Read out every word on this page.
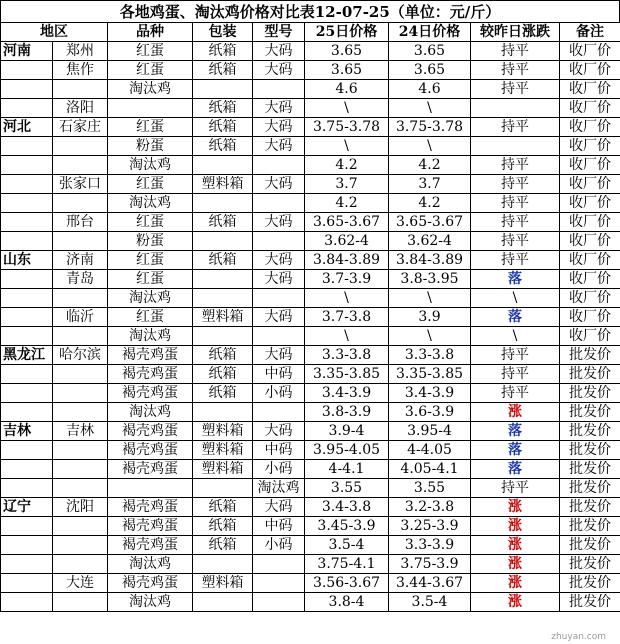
各地鸡蛋、淘汰鸡价格对比表12-07-25（单位：元/斤）
地区		品种	包装	型号	25日价格	24日价格	较昨日涨跌	备注
河南	郑州	红蛋	纸箱	大码	3.65	3.65	持平	收厂价
	焦作	红蛋	纸箱	大码	3.65	3.65	持平	收厂价
		淘汰鸡			4.6	4.6	持平	收厂价
	洛阳		纸箱	大码	\	\		收厂价
河北	石家庄	红蛋	纸箱	大码	3.75-3.78	3.75-3.78	持平	收厂价
		粉蛋	纸箱	大码	\	\		收厂价
		淘汰鸡			4.2	4.2	持平	收厂价
	张家口	红蛋	塑料箱	大码	3.7	3.7	持平	收厂价
		淘汰鸡			4.2	4.2	持平	收厂价
	邢台	红蛋	纸箱	大码	3.65-3.67	3.65-3.67	持平	收厂价
		粉蛋			3.62-4	3.62-4	持平	收厂价
山东	济南	红蛋	纸箱	大码	3.84-3.89	3.84-3.89	持平	收厂价
	青岛	红蛋		大码	3.7-3.9	3.8-3.95	落	收厂价
		淘汰鸡			\	\	\	收厂价
	临沂	红蛋	塑料箱	大码	3.7-3.8	3.9	落	收厂价
		淘汰鸡			\	\	\	收厂价
黑龙江	哈尔滨	褐壳鸡蛋	纸箱	大码	3.3-3.8	3.3-3.8	持平	批发价
		褐壳鸡蛋	纸箱	中码	3.35-3.85	3.35-3.85	持平	批发价
		褐壳鸡蛋	纸箱	小码	3.4-3.9	3.4-3.9	持平	批发价
		淘汰鸡			3.8-3.9	3.6-3.9	涨	批发价
吉林	吉林	褐壳鸡蛋	塑料箱	大码	3.9-4	3.95-4	落	批发价
		褐壳鸡蛋	塑料箱	中码	3.95-4.05	4-4.05	落	批发价
		褐壳鸡蛋	塑料箱	小码	4-4.1	4.05-4.1	落	批发价
				淘汰鸡	3.55	3.55	持平	批发价
辽宁	沈阳	褐壳鸡蛋	纸箱	大码	3.4-3.8	3.2-3.8	涨	批发价
		褐壳鸡蛋	纸箱	中码	3.45-3.9	3.25-3.9	涨	批发价
		褐壳鸡蛋	纸箱	小码	3.5-4	3.3-3.9	涨	批发价
		淘汰鸡			3.75-4.1	3.75-3.9	涨	批发价
	大连	褐壳鸡蛋	塑料箱		3.56-3.67	3.44-3.67	涨	批发价
		淘汰鸡			3.8-4	3.5-4	涨	批发价
zhuyan.com
